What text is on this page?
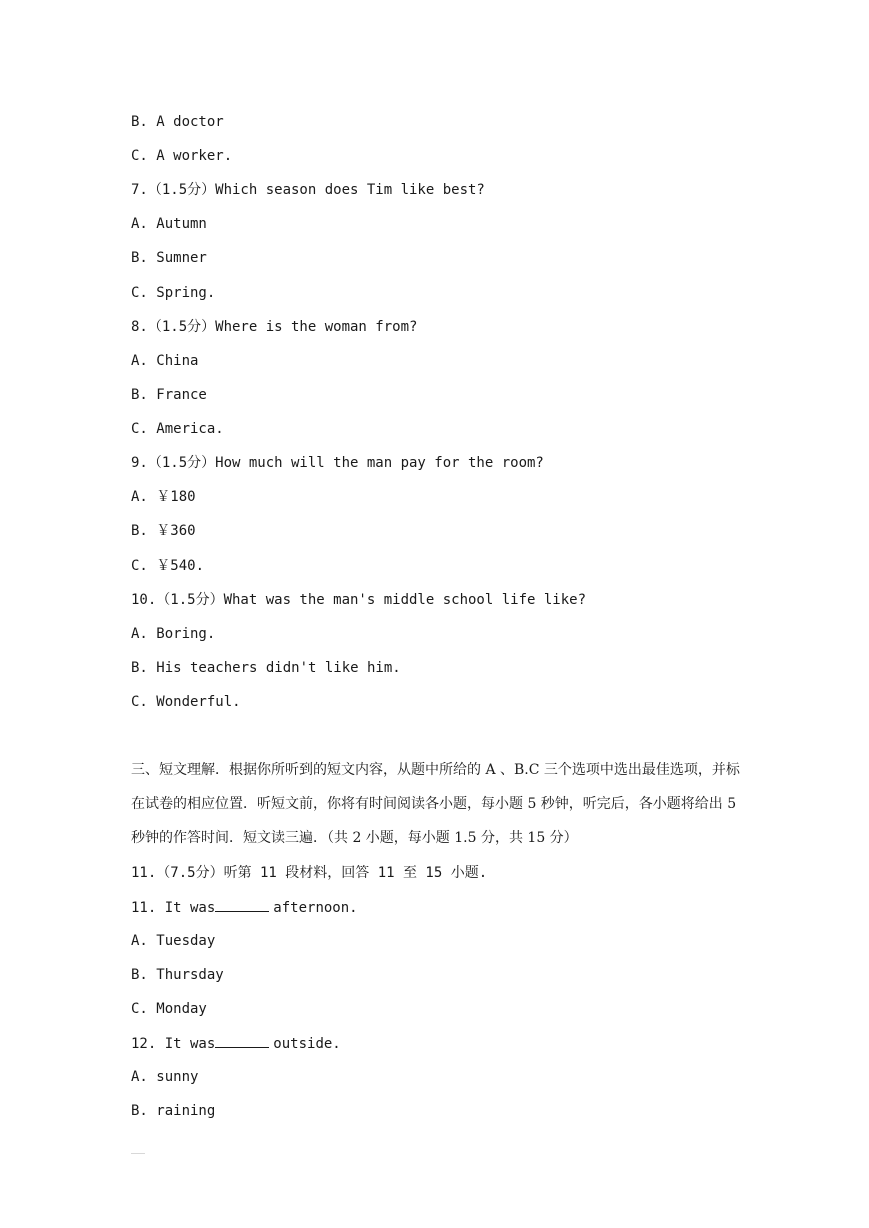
B. A doctor
C. A worker.
7.（1.5分）Which season does Tim like best?
A. Autumn
B. Sumner
C. Spring.
8.（1.5分）Where is the woman from?
A. China
B. France
C. America.
9.（1.5分）How much will the man pay for the room?
A. ￥180
B. ￥360
C. ￥540.
10.（1.5分）What was the man's middle school life like?
A. Boring.
B. His teachers didn't like him.
C. Wonderful.
三、短文理解．根据你所听到的短文内容，从题中所给的 A 、B.C 三个选项中选出最佳选项，并标在试卷的相应位置．听短文前，你将有时间阅读各小题，每小题 5 秒钟，听完后，各小题将给出 5 秒钟的作答时间．短文读三遍．（共 2 小题，每小题 1.5 分，共 15 分）
11.（7.5分）听第 11 段材料，回答 11 至 15 小题.
11. It was	afternoon.
A. Tuesday
B. Thursday
C. Monday
12. It was	outside.
A. sunny
B. raining
